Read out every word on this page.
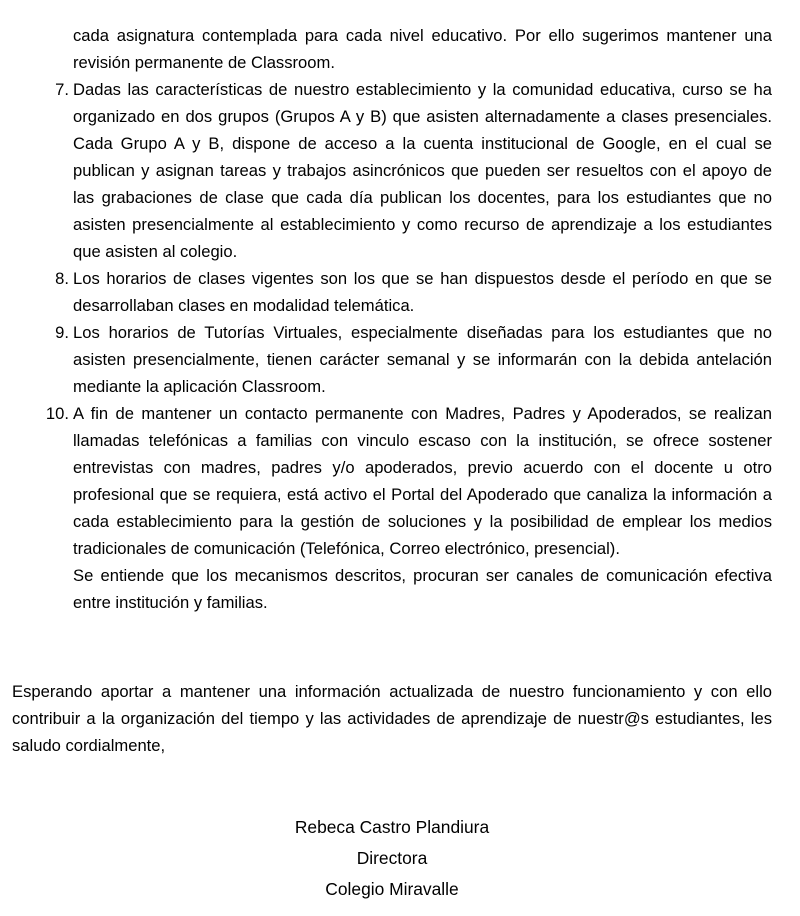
cada asignatura contemplada para cada nivel educativo. Por ello sugerimos mantener una revisión permanente de Classroom.

7. Dadas las características de nuestro establecimiento y la comunidad educativa, curso se ha organizado en dos grupos (Grupos A y B) que asisten alternadamente a clases presenciales. Cada Grupo A y B, dispone de acceso a la cuenta institucional de Google, en el cual se publican y asignan tareas y trabajos asincrónicos que pueden ser resueltos con el apoyo de las grabaciones de clase que cada día publican los docentes, para los estudiantes que no asisten presencialmente al establecimiento y como recurso de aprendizaje a los estudiantes que asisten al colegio.

8. Los horarios de clases vigentes son los que se han dispuestos desde el período en que se desarrollaban clases en modalidad telemática.

9. Los horarios de Tutorías Virtuales, especialmente diseñadas para los estudiantes que no asisten presencialmente, tienen carácter semanal y se informarán con la debida antelación mediante la aplicación Classroom.

10. A fin de mantener un contacto permanente con Madres, Padres y Apoderados, se realizan llamadas telefónicas a familias con vinculo escaso con la institución, se ofrece sostener entrevistas con madres, padres y/o apoderados, previo acuerdo con el docente u otro profesional que se requiera, está activo el Portal del Apoderado que canaliza la información a cada establecimiento para la gestión de soluciones y la posibilidad de emplear los medios tradicionales de comunicación (Telefónica, Correo electrónico, presencial).

Se entiende que los mecanismos descritos, procuran ser canales de comunicación efectiva entre institución y familias.

Esperando aportar a mantener una información actualizada de nuestro funcionamiento y con ello contribuir a la organización del tiempo y las actividades de aprendizaje de nuestr@s estudiantes, les saludo cordialmente,

Rebeca Castro Plandiura
Directora
Colegio Miravalle
